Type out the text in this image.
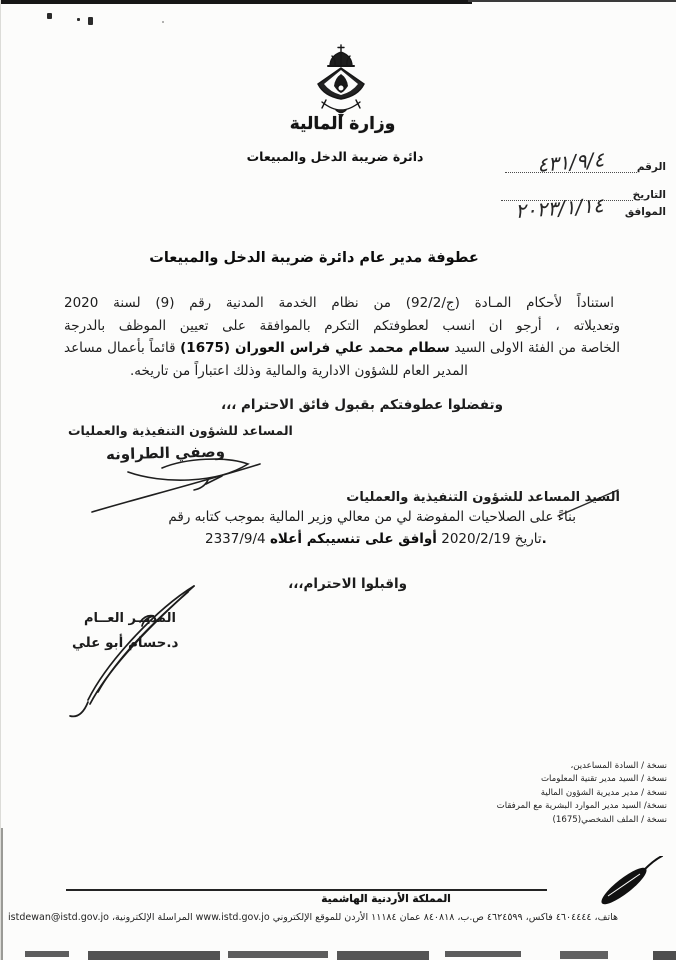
وزارة المالية
دائرة ضريبة الدخل والمبيعات
الرقم
٤٣١/٩/٤
التاريخ
الموافق
٢٠٢٣/١/١٤
عطوفة مدير عام دائرة ضريبة الدخل والمبيعات
استناداً لأحكام المـادة (92/ج/2) من نظام الخدمة المدنية رقم (9) لسنة 2020
وتعديلاته ، أرجو ان انسب لعطوفتكم التكرم بالموافقة على تعيين الموظف بالدرجة
الخاصة من الفئة الاولى السيد سطام محمد علي فراس العوران (1675) قائماً بأعمال مساعد
المدير العام للشؤون الادارية والمالية وذلك اعتباراً من تاريخه.
وتفضلوا عطوفتكم بقبول فائق الاحترام ،،،
المساعد للشؤون التنفيذية والعمليات
وصفي الطراونه
السيد المساعد للشؤون التنفيذية والعمليات
بناءً على الصلاحيات المفوضة لي من معالي وزير المالية بموجب كتابه رقم
2337/9/4 تاريخ 2020/2/19 أوافق على تنسيبكم أعلاه.
واقبلوا الاحترام،،،
المديــر العــام
د.حسام أبو علي
نسخة / السادة المساعدين،
نسخة / السيد مدير تقنية المعلومات
نسخة / مدير مديرية الشؤون المالية
نسخة/ السيد مدير الموارد البشرية مع المرفقات
نسخة / الملف الشخصي(1675)
المملكة الأردنية الهاشمية
هاتف، ٤٦٠٤٤٤٤ فاكس، ٤٦٢٤٥٩٩ ص.ب، ٨٤٠٨١٨ عمان ١١١٨٤ الأردن للموقع الإلكتروني www.istd.gov.jo المراسلة الإلكترونية، istdewan@istd.gov.jo
